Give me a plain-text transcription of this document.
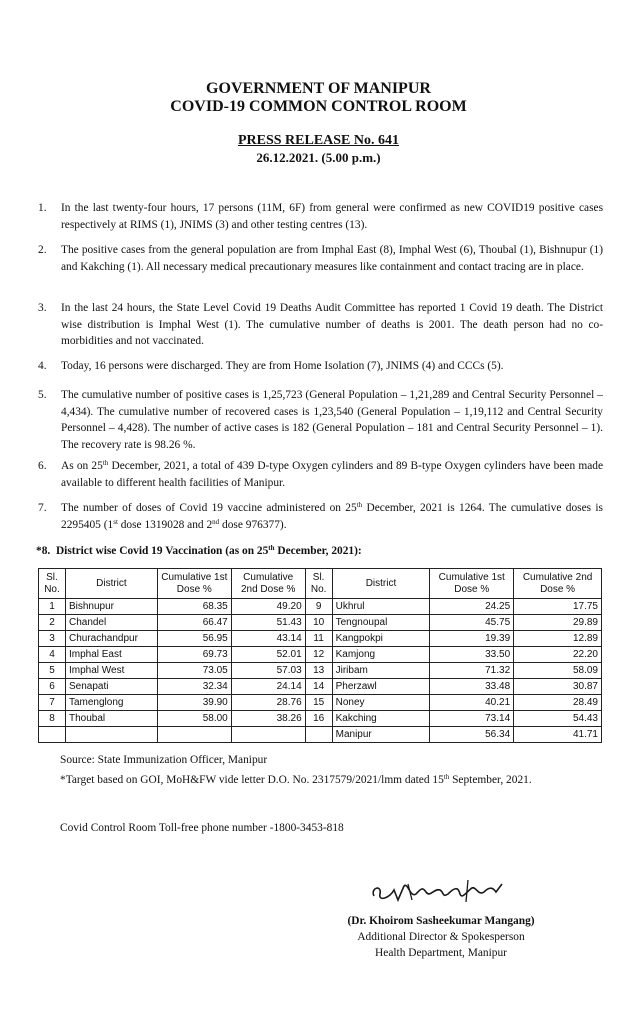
GOVERNMENT OF MANIPUR
COVID-19 COMMON CONTROL ROOM
PRESS RELEASE No. 641
26.12.2021. (5.00 p.m.)
1.	In the last twenty-four hours, 17 persons (11M, 6F) from general were confirmed as new COVID19 positive cases respectively at RIMS (1), JNIMS (3) and other testing centres (13).
2.	The positive cases from the general population are from Imphal East (8), Imphal West (6), Thoubal (1), Bishnupur (1) and Kakching (1). All necessary medical precautionary measures like containment and contact tracing are in place.
3.	In the last 24 hours, the State Level Covid 19 Deaths Audit Committee has reported 1 Covid 19 death. The District wise distribution is Imphal West (1). The cumulative number of deaths is 2001. The death person had no co-morbidities and not vaccinated.
4.	Today, 16 persons were discharged. They are from Home Isolation (7), JNIMS (4) and CCCs (5).
5.	The cumulative number of positive cases is 1,25,723 (General Population – 1,21,289 and Central Security Personnel – 4,434). The cumulative number of recovered cases is 1,23,540 (General Population – 1,19,112 and Central Security Personnel – 4,428). The number of active cases is 182 (General Population – 181 and Central Security Personnel – 1). The recovery rate is 98.26 %.
6.	As on 25th December, 2021, a total of 439 D-type Oxygen cylinders and 89 B-type Oxygen cylinders have been made available to different health facilities of Manipur.
7.	The number of doses of Covid 19 vaccine administered on 25th December, 2021 is 1264. The cumulative doses is 2295405 (1st dose 1319028 and 2nd dose 976377).
*8. District wise Covid 19 Vaccination (as on 25th December, 2021):
Sl. No.	District	Cumulative 1st Dose %	Cumulative 2nd Dose %	Sl. No.	District	Cumulative 1st Dose %	Cumulative 2nd Dose %
1	Bishnupur	68.35	49.20	9	Ukhrul	24.25	17.75
2	Chandel	66.47	51.43	10	Tengnoupal	45.75	29.89
3	Churachandpur	56.95	43.14	11	Kangpokpi	19.39	12.89
4	Imphal East	69.73	52.01	12	Kamjong	33.50	22.20
5	Imphal West	73.05	57.03	13	Jiribam	71.32	58.09
6	Senapati	32.34	24.14	14	Pherzawl	33.48	30.87
7	Tamenglong	39.90	28.76	15	Noney	40.21	28.49
8	Thoubal	58.00	38.26	16	Kakching	73.14	54.43
					Manipur	56.34	41.71
Source: State Immunization Officer, Manipur
*Target based on GOI, MoH&FW vide letter D.O. No. 2317579/2021/lmm dated 15th September, 2021.
Covid Control Room Toll-free phone number -1800-3453-818
(Dr. Khoirom Sasheekumar Mangang)
Additional Director & Spokesperson
Health Department, Manipur
